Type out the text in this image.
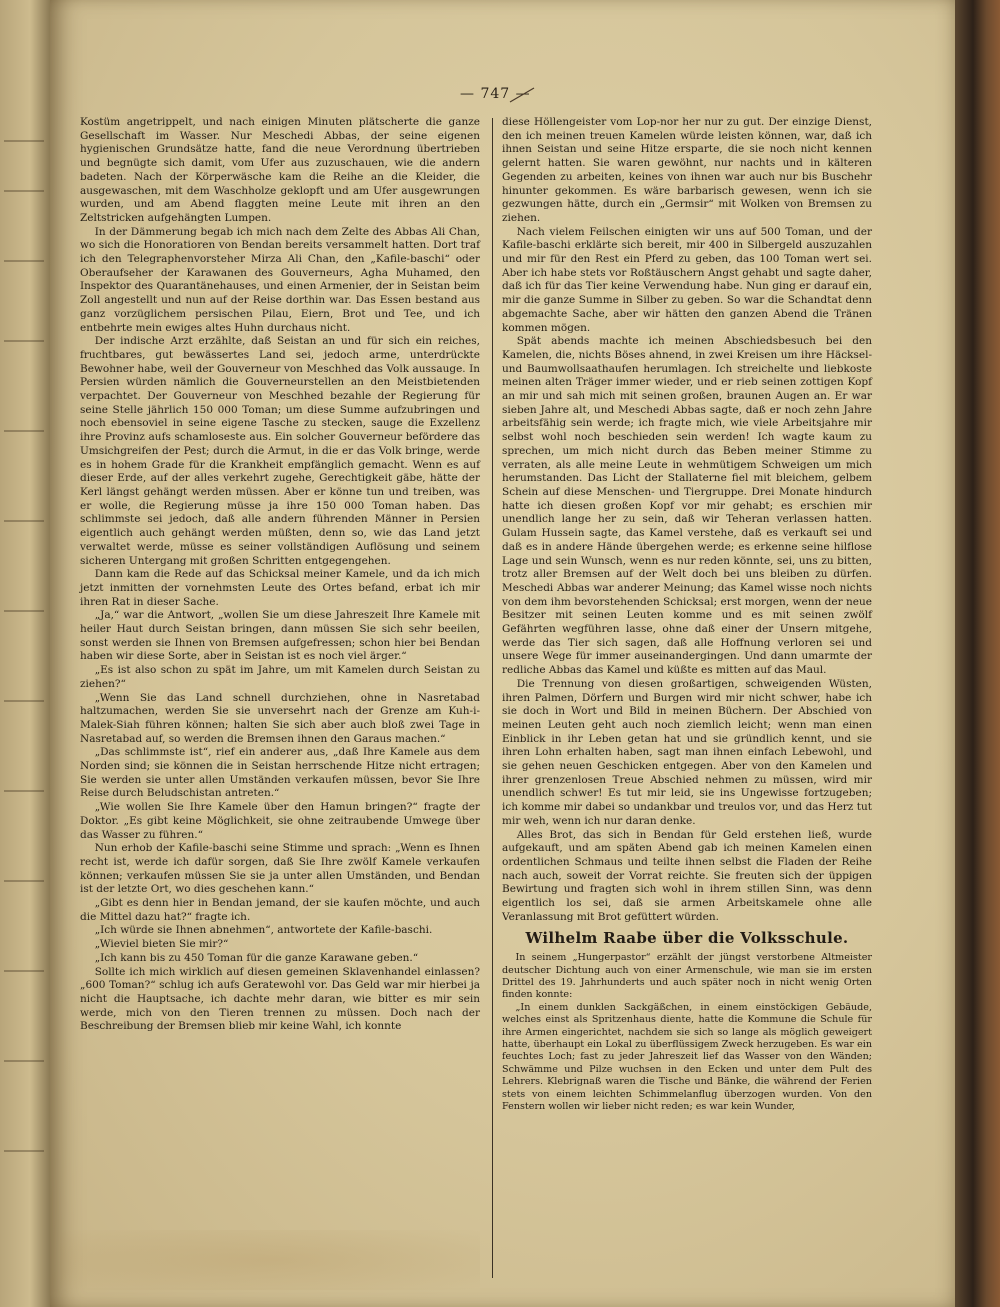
— 747 —

Kostüm angetrippelt, und nach einigen Minuten plätscherte die ganze Gesellschaft im Wasser. Nur Meschedi Abbas, der seine eigenen hygienischen Grundsätze hatte, fand die neue Verordnung übertrieben und begnügte sich damit, vom Ufer aus zuzuschauen, wie die andern badeten. Nach der Körperwäsche kam die Reihe an die Kleider, die ausgewaschen, mit dem Waschholze geklopft und am Ufer ausgewrungen wurden, und am Abend flaggten meine Leute mit ihren an den Zeltstricken aufgehängten Lumpen.

In der Dämmerung begab ich mich nach dem Zelte des Abbas Ali Chan, wo sich die Honoratioren von Bendan bereits versammelt hatten. Dort traf ich den Telegraphenvorsteher Mirza Ali Chan, den „Kafile-baschi“ oder Oberaufseher der Karawanen des Gouverneurs, Agha Muhamed, den Inspektor des Quarantänehauses, und einen Armenier, der in Seistan beim Zoll angestellt und nun auf der Reise dorthin war. Das Essen bestand aus ganz vorzüglichem persischen Pilau, Eiern, Brot und Tee, und ich entbehrte mein ewiges altes Huhn durchaus nicht.

Der indische Arzt erzählte, daß Seistan an und für sich ein reiches, fruchtbares, gut bewässertes Land sei, jedoch arme, unterdrückte Bewohner habe, weil der Gouverneur von Meschhed das Volk aussauge. In Persien würden nämlich die Gouverneurstellen an den Meistbietenden verpachtet. Der Gouverneur von Meschhed bezahle der Regierung für seine Stelle jährlich 150 000 Toman; um diese Summe aufzubringen und noch ebensoviel in seine eigene Tasche zu stecken, sauge die Exzellenz ihre Provinz aufs schamloseste aus. Ein solcher Gouverneur befördere das Umsichgreifen der Pest; durch die Armut, in die er das Volk bringe, werde es in hohem Grade für die Krankheit empfänglich gemacht. Wenn es auf dieser Erde, auf der alles verkehrt zugehe, Gerechtigkeit gäbe, hätte der Kerl längst gehängt werden müssen. Aber er könne tun und treiben, was er wolle, die Regierung müsse ja ihre 150 000 Toman haben. Das schlimmste sei jedoch, daß alle andern führenden Männer in Persien eigentlich auch gehängt werden müßten, denn so, wie das Land jetzt verwaltet werde, müsse es seiner vollständigen Auflösung und seinem sicheren Untergang mit großen Schritten entgegengehen.

Dann kam die Rede auf das Schicksal meiner Kamele, und da ich mich jetzt inmitten der vornehmsten Leute des Ortes befand, erbat ich mir ihren Rat in dieser Sache.

„Ja,“ war die Antwort, „wollen Sie um diese Jahreszeit Ihre Kamele mit heiler Haut durch Seistan bringen, dann müssen Sie sich sehr beeilen, sonst werden sie Ihnen von Bremsen aufgefressen; schon hier bei Bendan haben wir diese Sorte, aber in Seistan ist es noch viel ärger.“

„Es ist also schon zu spät im Jahre, um mit Kamelen durch Seistan zu ziehen?“

„Wenn Sie das Land schnell durchziehen, ohne in Nasretabad haltzumachen, werden Sie sie unversehrt nach der Grenze am Kuh-i-Malek-Siah führen können; halten Sie sich aber auch bloß zwei Tage in Nasretabad auf, so werden die Bremsen ihnen den Garaus machen.“

„Das schlimmste ist“, rief ein anderer aus, „daß Ihre Kamele aus dem Norden sind; sie können die in Seistan herrschende Hitze nicht ertragen; Sie werden sie unter allen Umständen verkaufen müssen, bevor Sie Ihre Reise durch Beludschistan antreten.“

„Wie wollen Sie Ihre Kamele über den Hamun bringen?“ fragte der Doktor. „Es gibt keine Möglichkeit, sie ohne zeitraubende Umwege über das Wasser zu führen.“

Nun erhob der Kafile-baschi seine Stimme und sprach: „Wenn es Ihnen recht ist, werde ich dafür sorgen, daß Sie Ihre zwölf Kamele verkaufen können; verkaufen müssen Sie sie ja unter allen Umständen, und Bendan ist der letzte Ort, wo dies geschehen kann.“

„Gibt es denn hier in Bendan jemand, der sie kaufen möchte, und auch die Mittel dazu hat?“ fragte ich.

„Ich würde sie Ihnen abnehmen“, antwortete der Kafile-baschi.

„Wieviel bieten Sie mir?“

„Ich kann bis zu 450 Toman für die ganze Karawane geben.“

Sollte ich mich wirklich auf diesen gemeinen Sklavenhandel einlassen? „600 Toman?“ schlug ich aufs Geratewohl vor. Das Geld war mir hierbei ja nicht die Hauptsache, ich dachte mehr daran, wie bitter es mir sein werde, mich von den Tieren trennen zu müssen. Doch nach der Beschreibung der Bremsen blieb mir keine Wahl, ich konnte

diese Höllengeister vom Lop-nor her nur zu gut. Der einzige Dienst, den ich meinen treuen Kamelen würde leisten können, war, daß ich ihnen Seistan und seine Hitze ersparte, die sie noch nicht kennen gelernt hatten. Sie waren gewöhnt, nur nachts und in kälteren Gegenden zu arbeiten, keines von ihnen war auch nur bis Buschehr hinunter gekommen. Es wäre barbarisch gewesen, wenn ich sie gezwungen hätte, durch ein „Germsir“ mit Wolken von Bremsen zu ziehen.

Nach vielem Feilschen einigten wir uns auf 500 Toman, und der Kafile-baschi erklärte sich bereit, mir 400 in Silbergeld auszuzahlen und mir für den Rest ein Pferd zu geben, das 100 Toman wert sei. Aber ich habe stets vor Roßtäuschern Angst gehabt und sagte daher, daß ich für das Tier keine Verwendung habe. Nun ging er darauf ein, mir die ganze Summe in Silber zu geben. So war die Schandtat denn abgemachte Sache, aber wir hätten den ganzen Abend die Tränen kommen mögen.

Spät abends machte ich meinen Abschiedsbesuch bei den Kamelen, die, nichts Böses ahnend, in zwei Kreisen um ihre Häcksel- und Baumwollsaathaufen herumlagen. Ich streichelte und liebkoste meinen alten Träger immer wieder, und er rieb seinen zottigen Kopf an mir und sah mich mit seinen großen, braunen Augen an. Er war sieben Jahre alt, und Meschedi Abbas sagte, daß er noch zehn Jahre arbeitsfähig sein werde; ich fragte mich, wie viele Arbeitsjahre mir selbst wohl noch beschieden sein werden! Ich wagte kaum zu sprechen, um mich nicht durch das Beben meiner Stimme zu verraten, als alle meine Leute in wehmütigem Schweigen um mich herumstanden. Das Licht der Stallaterne fiel mit bleichem, gelbem Schein auf diese Menschen- und Tiergruppe. Drei Monate hindurch hatte ich diesen großen Kopf vor mir gehabt; es erschien mir unendlich lange her zu sein, daß wir Teheran verlassen hatten. Gulam Hussein sagte, das Kamel verstehe, daß es verkauft sei und daß es in andere Hände übergehen werde; es erkenne seine hilflose Lage und sein Wunsch, wenn es nur reden könnte, sei, uns zu bitten, trotz aller Bremsen auf der Welt doch bei uns bleiben zu dürfen. Meschedi Abbas war anderer Meinung; das Kamel wisse noch nichts von dem ihm bevorstehenden Schicksal; erst morgen, wenn der neue Besitzer mit seinen Leuten komme und es mit seinen zwölf Gefährten wegführen lasse, ohne daß einer der Unsern mitgehe, werde das Tier sich sagen, daß alle Hoffnung verloren sei und unsere Wege für immer auseinandergingen. Und dann umarmte der redliche Abbas das Kamel und küßte es mitten auf das Maul.

Die Trennung von diesen großartigen, schweigenden Wüsten, ihren Palmen, Dörfern und Burgen wird mir nicht schwer, habe ich sie doch in Wort und Bild in meinen Büchern. Der Abschied von meinen Leuten geht auch noch ziemlich leicht; wenn man einen Einblick in ihr Leben getan hat und sie gründlich kennt, und sie ihren Lohn erhalten haben, sagt man ihnen einfach Lebewohl, und sie gehen neuen Geschicken entgegen. Aber von den Kamelen und ihrer grenzenlosen Treue Abschied nehmen zu müssen, wird mir unendlich schwer! Es tut mir leid, sie ins Ungewisse fortzugeben; ich komme mir dabei so undankbar und treulos vor, und das Herz tut mir weh, wenn ich nur daran denke.

Alles Brot, das sich in Bendan für Geld erstehen ließ, wurde aufgekauft, und am späten Abend gab ich meinen Kamelen einen ordentlichen Schmaus und teilte ihnen selbst die Fladen der Reihe nach auch, soweit der Vorrat reichte. Sie freuten sich der üppigen Bewirtung und fragten sich wohl in ihrem stillen Sinn, was denn eigentlich los sei, daß sie armen Arbeitskamele ohne alle Veranlassung mit Brot gefüttert würden.

Wilhelm Raabe über die Volksschule.

In seinem „Hungerpastor“ erzählt der jüngst verstorbene Altmeister deutscher Dichtung auch von einer Armenschule, wie man sie im ersten Drittel des 19. Jahrhunderts und auch später noch in nicht wenig Orten finden konnte:

„In einem dunklen Sackgäßchen, in einem einstöckigen Gebäude, welches einst als Spritzenhaus diente, hatte die Kommune die Schule für ihre Armen eingerichtet, nachdem sie sich so lange als möglich geweigert hatte, überhaupt ein Lokal zu überflüssigem Zweck herzugeben. Es war ein feuchtes Loch; fast zu jeder Jahreszeit lief das Wasser von den Wänden; Schwämme und Pilze wuchsen in den Ecken und unter dem Pult des Lehrers. Klebrignaß waren die Tische und Bänke, die während der Ferien stets von einem leichten Schimmelanflug überzogen wurden. Von den Fenstern wollen wir lieber nicht reden; es war kein Wunder,
